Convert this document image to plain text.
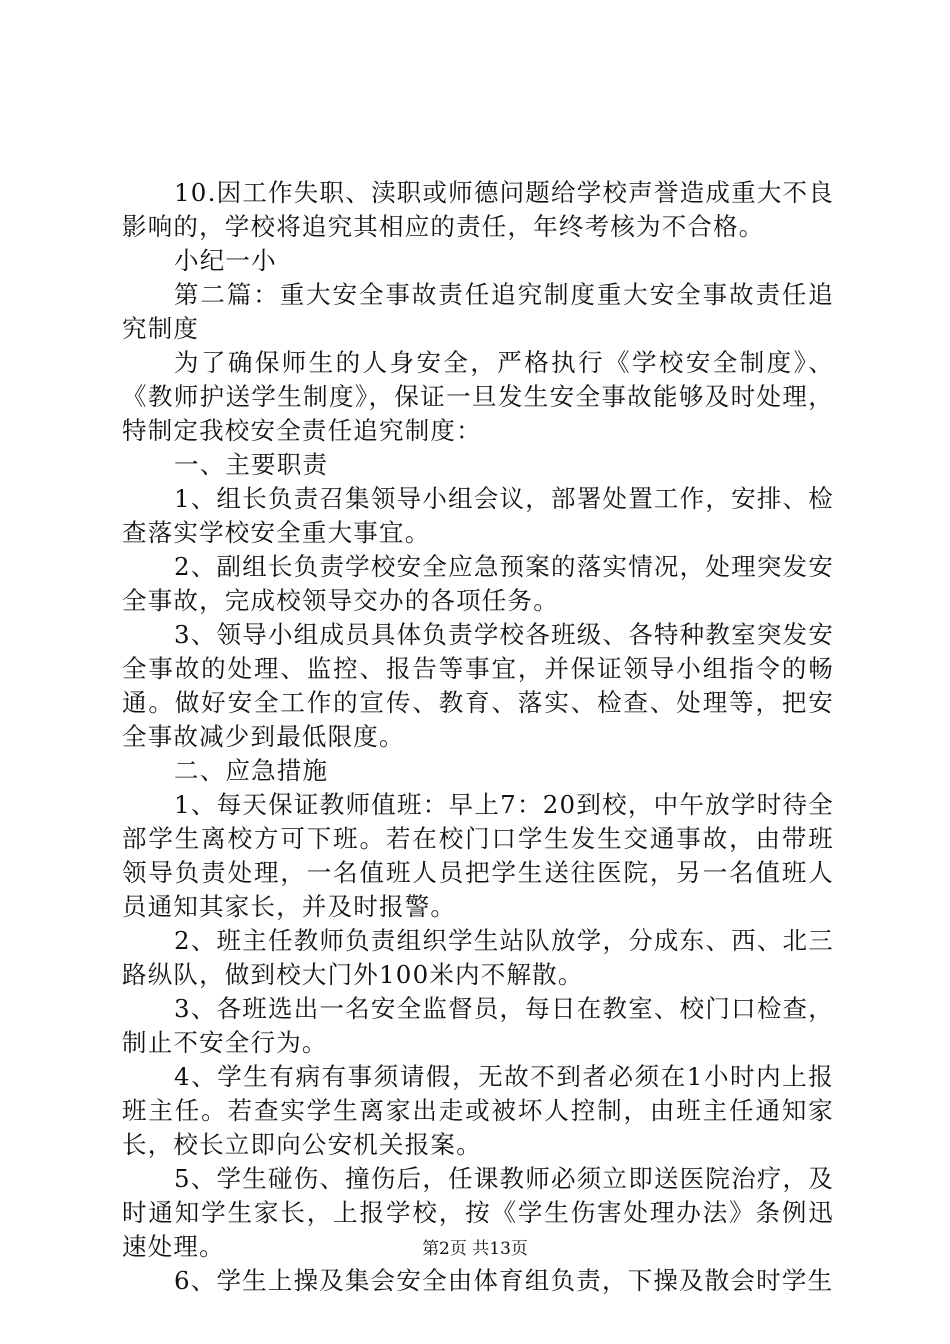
10.因工作失职、渎职或师德问题给学校声誉造成重大不良影响的，学校将追究其相应的责任，年终考核为不合格。

小纪一小

第二篇：重大安全事故责任追究制度重大安全事故责任追究制度

为了确保师生的人身安全，严格执行《学校安全制度》、《教师护送学生制度》，保证一旦发生安全事故能够及时处理，特制定我校安全责任追究制度：

一、主要职责

1、组长负责召集领导小组会议，部署处置工作，安排、检查落实学校安全重大事宜。

2、副组长负责学校安全应急预案的落实情况，处理突发安全事故，完成校领导交办的各项任务。

3、领导小组成员具体负责学校各班级、各特种教室突发安全事故的处理、监控、报告等事宜，并保证领导小组指令的畅通。做好安全工作的宣传、教育、落实、检查、处理等，把安全事故减少到最低限度。

二、应急措施

1、每天保证教师值班：早上7：20到校，中午放学时待全部学生离校方可下班。若在校门口学生发生交通事故，由带班领导负责处理，一名值班人员把学生送往医院，另一名值班人员通知其家长，并及时报警。

2、班主任教师负责组织学生站队放学，分成东、西、北三路纵队，做到校大门外100米内不解散。

3、各班选出一名安全监督员，每日在教室、校门口检查，制止不安全行为。

4、学生有病有事须请假，无故不到者必须在1小时内上报班主任。若查实学生离家出走或被坏人控制，由班主任通知家长，校长立即向公安机关报案。

5、学生碰伤、撞伤后，任课教师必须立即送医院治疗，及时通知学生家长，上报学校，按《学生伤害处理办法》条例迅速处理。

6、学生上操及集会安全由体育组负责，下操及散会时学生

第2页 共13页
